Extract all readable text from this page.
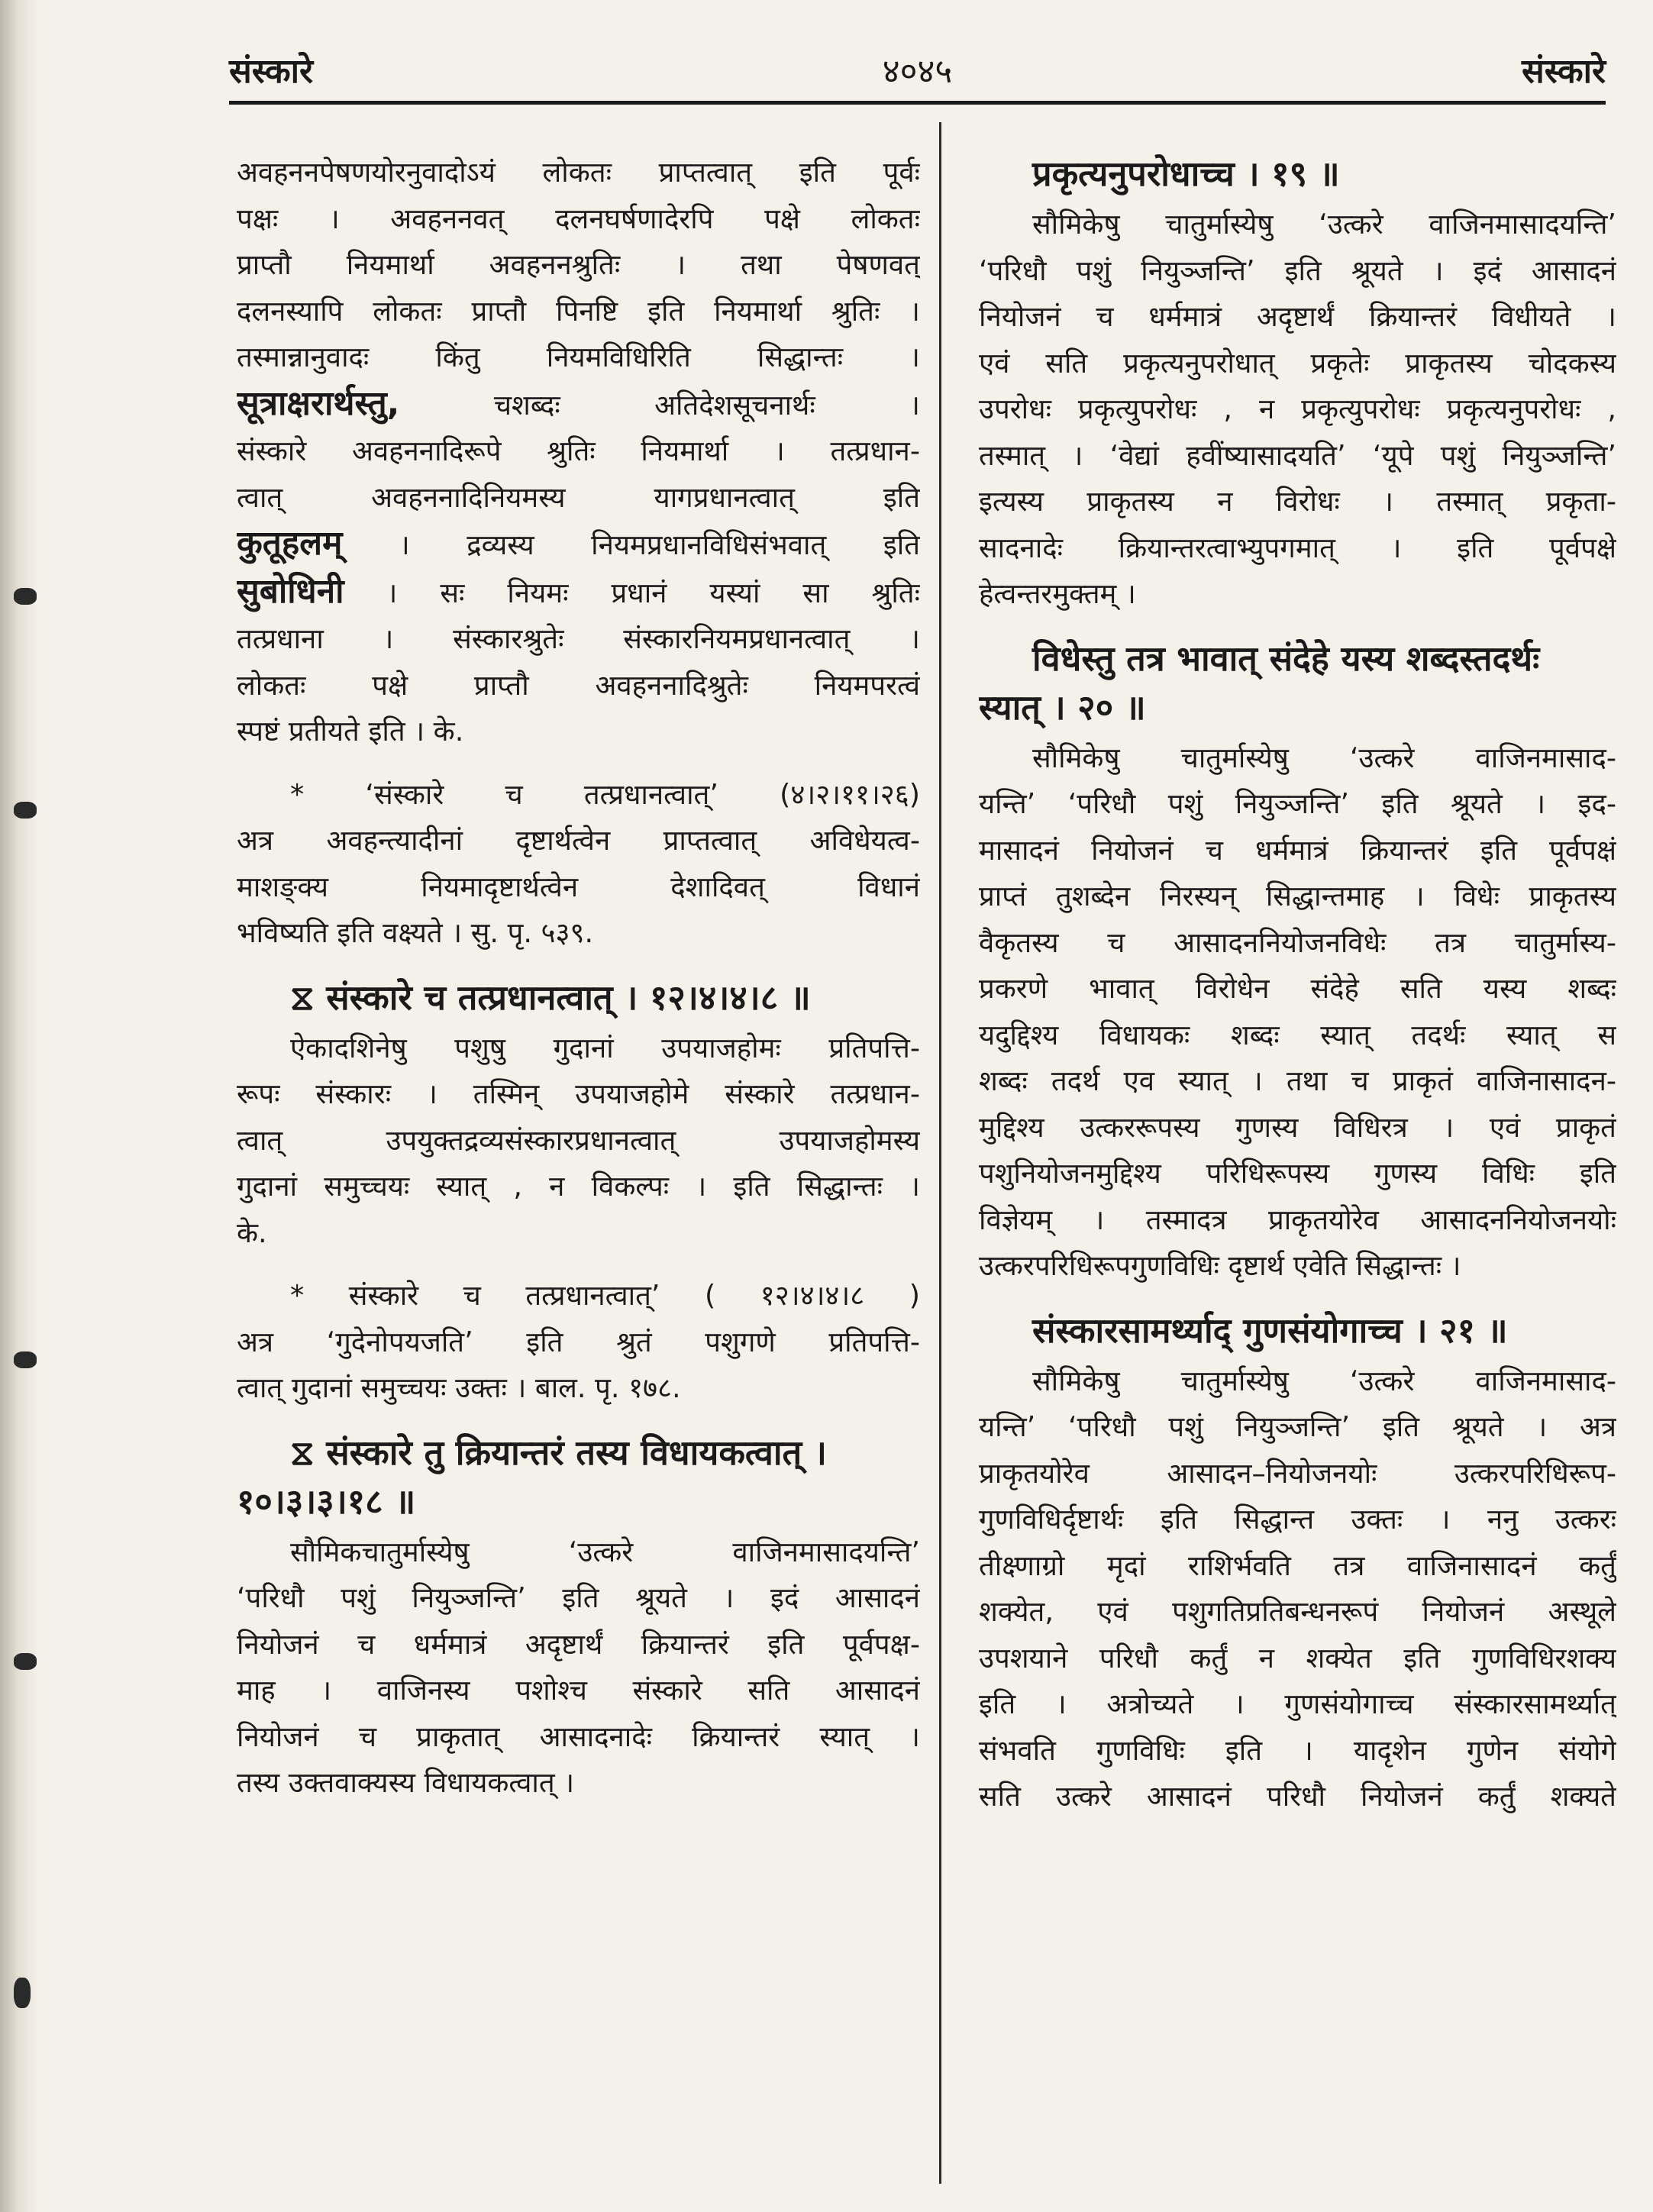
संस्कारे	४०४५	संस्कारे

अवहननपेषणयोरनुवादोऽयं लोकतः प्राप्तत्वात् इति पूर्वः

पक्षः । अवहननवत् दलनघर्षणादेरपि पक्षे लोकतः

प्राप्तौ नियमार्था अवहननश्रुतिः । तथा पेषणवत्

दलनस्यापि लोकतः प्राप्तौ पिनष्टि इति नियमार्था श्रुतिः ।

तस्मान्नानुवादः किंतु नियमविधिरिति सिद्धान्तः ।

सूत्राक्षरार्थस्तु,	चशब्दः अतिदेशसूचनार्थः ।

संस्कारे अवहननादिरूपे श्रुतिः नियमार्था । तत्प्रधान-

त्वात् अवहननादिनियमस्य यागप्रधानत्वात् इति

कुतूहलम् । द्रव्यस्य नियमप्रधानविधिसंभवात् इति

सुबोधिनी । सः नियमः प्रधानं यस्यां सा श्रुतिः

तत्प्रधाना । संस्कारश्रुतेः संस्कारनियमप्रधानत्वात् ।

लोकतः पक्षे प्राप्तौ अवहननादिश्रुतेः नियमपरत्वं

स्पष्टं प्रतीयते इति । के.

* ‘संस्कारे च तत्प्रधानत्वात्’ (४।२।११।२६)

अत्र अवहन्त्यादीनां दृष्टार्थत्वेन प्राप्तत्वात् अविधेयत्व-

माशङ्क्य नियमादृष्टार्थत्वेन देशादिवत् विधानं

भविष्यति इति वक्ष्यते । सु. पृ. ५३९.

⧖ संस्कारे च तत्प्रधानत्वात् । १२।४।४।८ ॥

ऐकादशिनेषु पशुषु गुदानां उपयाजहोमः प्रतिपत्ति-

रूपः संस्कारः । तस्मिन् उपयाजहोमे संस्कारे तत्प्रधान-

त्वात् उपयुक्तद्रव्यसंस्कारप्रधानत्वात् उपयाजहोमस्य

गुदानां समुच्चयः स्यात् , न विकल्पः । इति सिद्धान्तः ।

के.

* संस्कारे च तत्प्रधानत्वात्’ ( १२।४।४।८ )

अत्र ‘गुदेनोपयजति’ इति श्रुतं पशुगणे प्रतिपत्ति-

त्वात् गुदानां समुच्चयः उक्तः । बाल. पृ. १७८.

⧖ संस्कारे तु क्रियान्तरं तस्य विधायकत्वात् ।

१०।३।३।१८ ॥

सौमिकचातुर्मास्येषु ‘उत्करे वाजिनमासादयन्ति’

‘परिधौ पशुं नियुञ्जन्ति’ इति श्रूयते । इदं आसादनं

नियोजनं च धर्ममात्रं अदृष्टार्थं क्रियान्तरं इति पूर्वपक्ष-

माह । वाजिनस्य पशोश्च संस्कारे सति आसादनं

नियोजनं च प्राकृतात् आसादनादेः क्रियान्तरं स्यात् ।

तस्य उक्तवाक्यस्य विधायकत्वात् ।

प्रकृत्यनुपरोधाच्च । १९ ॥

सौमिकेषु चातुर्मास्येषु ‘उत्करे वाजिनमासादयन्ति’

‘परिधौ पशुं नियुञ्जन्ति’ इति श्रूयते । इदं आसादनं

नियोजनं च धर्ममात्रं अदृष्टार्थं क्रियान्तरं विधीयते ।

एवं सति प्रकृत्यनुपरोधात् प्रकृतेः प्राकृतस्य चोदकस्य

उपरोधः प्रकृत्युपरोधः , न प्रकृत्युपरोधः प्रकृत्यनुपरोधः ,

तस्मात् । ‘वेद्यां हवींष्यासादयति’ ‘यूपे पशुं नियुञ्जन्ति’

इत्यस्य प्राकृतस्य न विरोधः । तस्मात् प्रकृता-

सादनादेः क्रियान्तरत्वाभ्युपगमात् । इति पूर्वपक्षे

हेत्वन्तरमुक्तम् ।

विधेस्तु तत्र भावात् संदेहे यस्य शब्दस्तदर्थः

स्यात् । २० ॥

सौमिकेषु चातुर्मास्येषु ‘उत्करे वाजिनमासाद-

यन्ति’ ‘परिधौ पशुं नियुञ्जन्ति’ इति श्रूयते । इद-

मासादनं नियोजनं च धर्ममात्रं क्रियान्तरं इति पूर्वपक्षं

प्राप्तं तुशब्देन निरस्यन् सिद्धान्तमाह । विधेः प्राकृतस्य

वैकृतस्य च आसादननियोजनविधेः तत्र चातुर्मास्य-

प्रकरणे भावात् विरोधेन संदेहे सति यस्य शब्दः

यदुद्दिश्य विधायकः शब्दः स्यात् तदर्थः स्यात् स

शब्दः तदर्थ एव स्यात् । तथा च प्राकृतं वाजिनासादन-

मुद्दिश्य उत्कररूपस्य गुणस्य विधिरत्र । एवं प्राकृतं

पशुनियोजनमुद्दिश्य परिधिरूपस्य गुणस्य विधिः इति

विज्ञेयम् । तस्मादत्र प्राकृतयोरेव आसादननियोजनयोः

उत्करपरिधिरूपगुणविधिः दृष्टार्थ एवेति सिद्धान्तः ।

संस्कारसामर्थ्याद् गुणसंयोगाच्च । २१ ॥

सौमिकेषु चातुर्मास्येषु ‘उत्करे वाजिनमासाद-

यन्ति’ ‘परिधौ पशुं नियुञ्जन्ति’ इति श्रूयते । अत्र

प्राकृतयोरेव आसादन–नियोजनयोः उत्करपरिधिरूप-

गुणविधिर्दृष्टार्थः इति सिद्धान्त उक्तः । ननु उत्करः

तीक्ष्णाग्रो मृदां राशिर्भवति तत्र वाजिनासादनं कर्तुं

शक्येत, एवं पशुगतिप्रतिबन्धनरूपं नियोजनं अस्थूले

उपशयाने परिधौ कर्तुं न शक्येत इति गुणविधिरशक्य

इति । अत्रोच्यते । गुणसंयोगाच्च संस्कारसामर्थ्यात्

संभवति गुणविधिः इति । यादृशेन गुणेन संयोगे

सति उत्करे आसादनं परिधौ नियोजनं कर्तुं शक्यते
